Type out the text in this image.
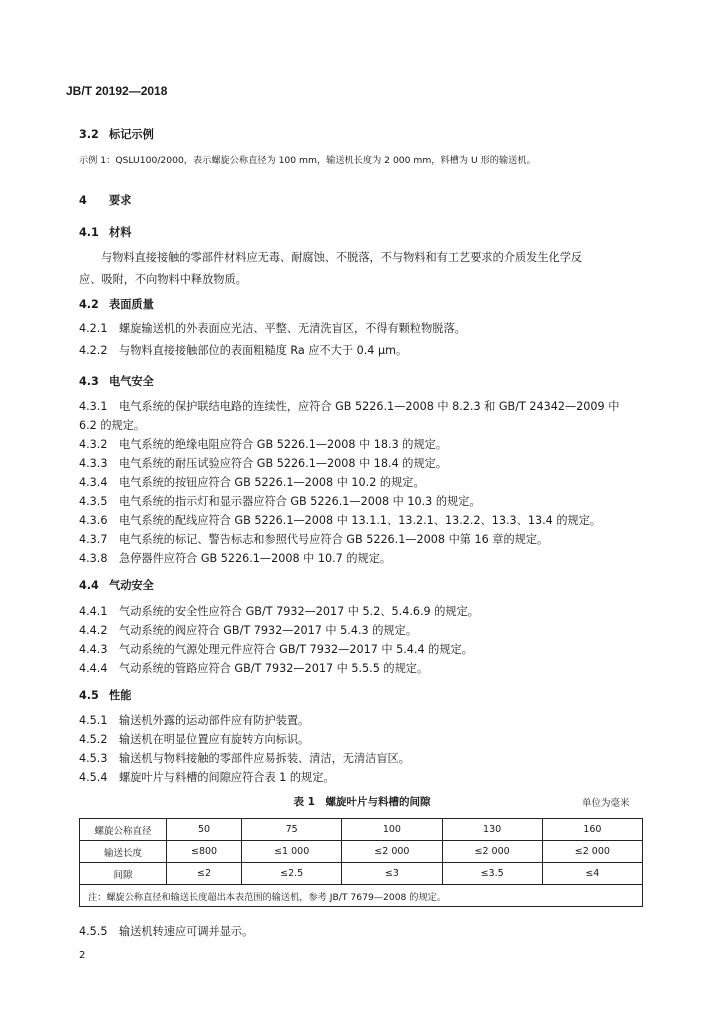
JB/T 20192—2018
3.2 标记示例
示例 1：QSLU100/2000，表示螺旋公称直径为 100 mm，输送机长度为 2 000 mm，料槽为 U 形的输送机。
4 要求
4.1 材料
与物料直接接触的零部件材料应无毒、耐腐蚀、不脱落，不与物料和有工艺要求的介质发生化学反
应、吸附，不向物料中释放物质。
4.2 表面质量
4.2.1 螺旋输送机的外表面应光洁、平整、无清洗盲区，不得有颗粒物脱落。
4.2.2 与物料直接接触部位的表面粗糙度 Ra 应不大于 0.4 μm。
4.3 电气安全
4.3.1 电气系统的保护联结电路的连续性，应符合 GB 5226.1—2008 中 8.2.3 和 GB/T 24342—2009 中
6.2 的规定。
4.3.2 电气系统的绝缘电阻应符合 GB 5226.1—2008 中 18.3 的规定。
4.3.3 电气系统的耐压试验应符合 GB 5226.1—2008 中 18.4 的规定。
4.3.4 电气系统的按钮应符合 GB 5226.1—2008 中 10.2 的规定。
4.3.5 电气系统的指示灯和显示器应符合 GB 5226.1—2008 中 10.3 的规定。
4.3.6 电气系统的配线应符合 GB 5226.1—2008 中 13.1.1、13.2.1、13.2.2、13.3、13.4 的规定。
4.3.7 电气系统的标记、警告标志和参照代号应符合 GB 5226.1—2008 中第 16 章的规定。
4.3.8 急停器件应符合 GB 5226.1—2008 中 10.7 的规定。
4.4 气动安全
4.4.1 气动系统的安全性应符合 GB/T 7932—2017 中 5.2、5.4.6.9 的规定。
4.4.2 气动系统的阀应符合 GB/T 7932—2017 中 5.4.3 的规定。
4.4.3 气动系统的气源处理元件应符合 GB/T 7932—2017 中 5.4.4 的规定。
4.4.4 气动系统的管路应符合 GB/T 7932—2017 中 5.5.5 的规定。
4.5 性能
4.5.1 输送机外露的运动部件应有防护装置。
4.5.2 输送机在明显位置应有旋转方向标识。
4.5.3 输送机与物料接触的零部件应易拆装、清洁，无清洁盲区。
4.5.4 螺旋叶片与料槽的间隙应符合表 1 的规定。
表 1　螺旋叶片与料槽的间隙	单位为毫米
螺旋公称直径	50	75	100	130	160
输送长度	≤800	≤1 000	≤2 000	≤2 000	≤2 000
间隙	≤2	≤2.5	≤3	≤3.5	≤4
注：螺旋公称直径和输送长度超出本表范围的输送机，参考 JB/T 7679—2008 的规定。					
4.5.5 输送机转速应可调并显示。
2
